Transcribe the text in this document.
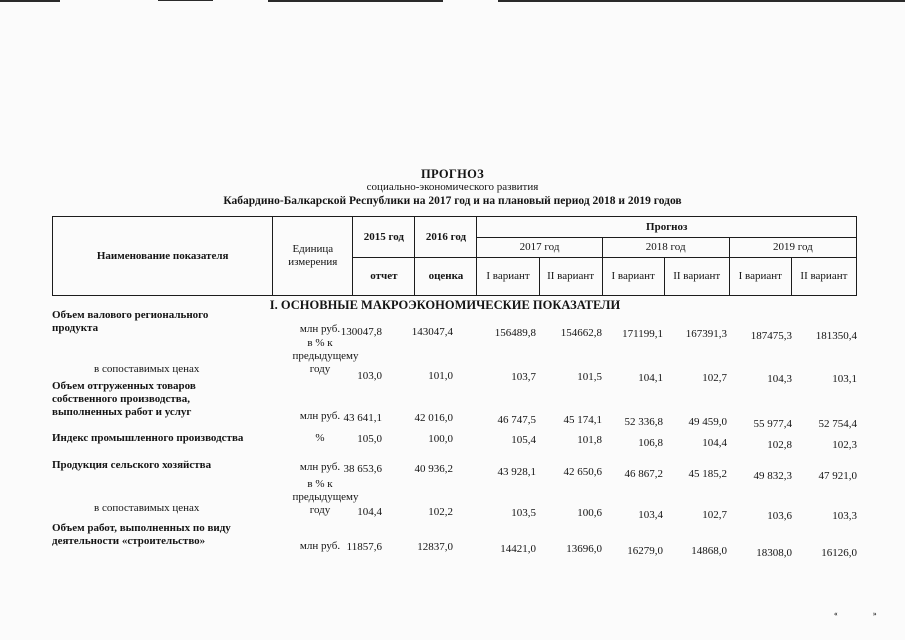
ПРОГНОЗ
социально-экономического развития
Кабардино-Балкарской Республики на 2017 год и на плановый период 2018 и 2019 годов
Наименование показателя	Единица измерения	2015 год	2016 год	Прогноз					
				2017 год		2018 год		2019 год	
		отчет	оценка	I вариант	II вариант	I вариант	II вариант	I вариант	II вариант
I. ОСНОВНЫЕ МАКРОЭКОНОМИЧЕСКИЕ ПОКАЗАТЕЛИ
Объем валового регионального продукта	млн руб. 130047,8	143047,4	156489,8	154662,8	171199,1	167391,3	187475,3	181350,4
в сопоставимых ценах
в % к предыдущему году
103,0	101,0	103,7	101,5	104,1	102,7	104,3	103,1
Объем отгруженных товаров собственного производства, выполненных работ и услуг	млн руб. 43 641,1	42 016,0	46 747,5	45 174,1	52 336,8	49 459,0	55 977,4	52 754,4
Индекс промышленного производства	%	105,0	100,0	105,4	101,8	106,8	104,4	102,8	102,3
Продукция сельского хозяйства	млн руб. 38 653,6	40 936,2	43 928,1	42 650,6	46 867,2	45 185,2	49 832,3	47 921,0
в сопоставимых ценах
в % к предыдущему году	104,4	102,2	103,5	100,6	103,4	102,7	103,6	103,3
Объем работ, выполненных по виду деятельности «строительство»	млн руб. 11857,6	12837,0	14421,0	13696,0	16279,0	14868,0	18308,0	16126,0
«	»
